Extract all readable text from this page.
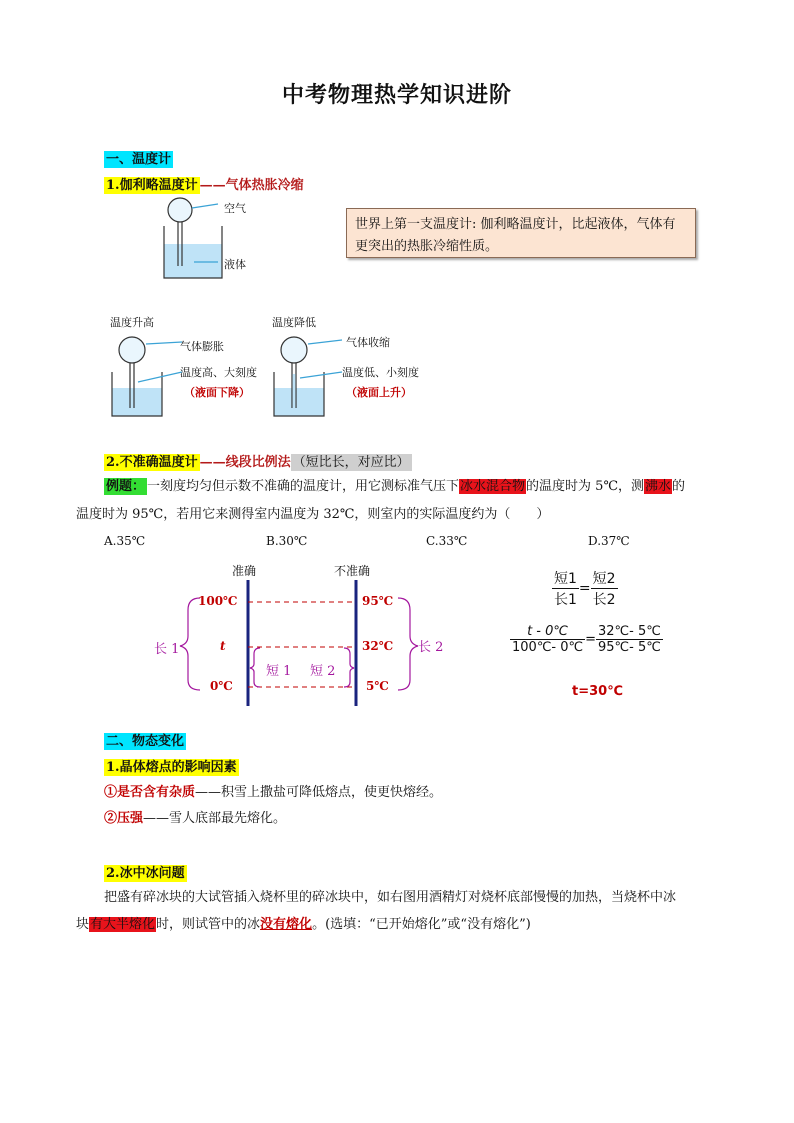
中考物理热学知识进阶
一、温度计
1.伽利略温度计 ——气体热胀冷缩
空气
液体
世界上第一支温度计: 伽利略温度计，比起液体，气体有更突出的热胀冷缩性质。
温度升高
气体膨胀
温度高、大刻度
（液面下降）
温度降低
气体收缩
温度低、小刻度
（液面上升）
2.不准确温度计 ——线段比例法 （短比长，对应比）
例题： 一刻度均匀但示数不准确的温度计，用它测标准气压下冰水混合物的温度时为 5℃，测沸水的
温度时为 95℃，若用它来测得室内温度为 32℃，则室内的实际温度约为（　　）
A.35℃	B.30℃	C.33℃	D.37℃
准确	不准确
100℃
t
0℃
95℃
32℃
5℃
长 1	长 2
短 1 短 2
$\frac{\text{短1}}{\text{长1}} = \frac{\text{短2}}{\text{长2}}$
$\frac{t - 0℃}{100℃- 0℃} = \frac{32℃- 5℃}{95℃- 5℃}$
t=30℃
二、物态变化
1.晶体熔点的影响因素
①是否含有杂质——积雪上撒盐可降低熔点，使更快熔经。
②压强——雪人底部最先熔化。
2.冰中冰问题
把盛有碎冰块的大试管插入烧杯里的碎冰块中，如右图用酒精灯对烧杯底部慢慢的加热，当烧杯中冰
块有大半熔化时，则试管中的冰没有熔化。(选填：“已开始熔化”或“没有熔化”)
